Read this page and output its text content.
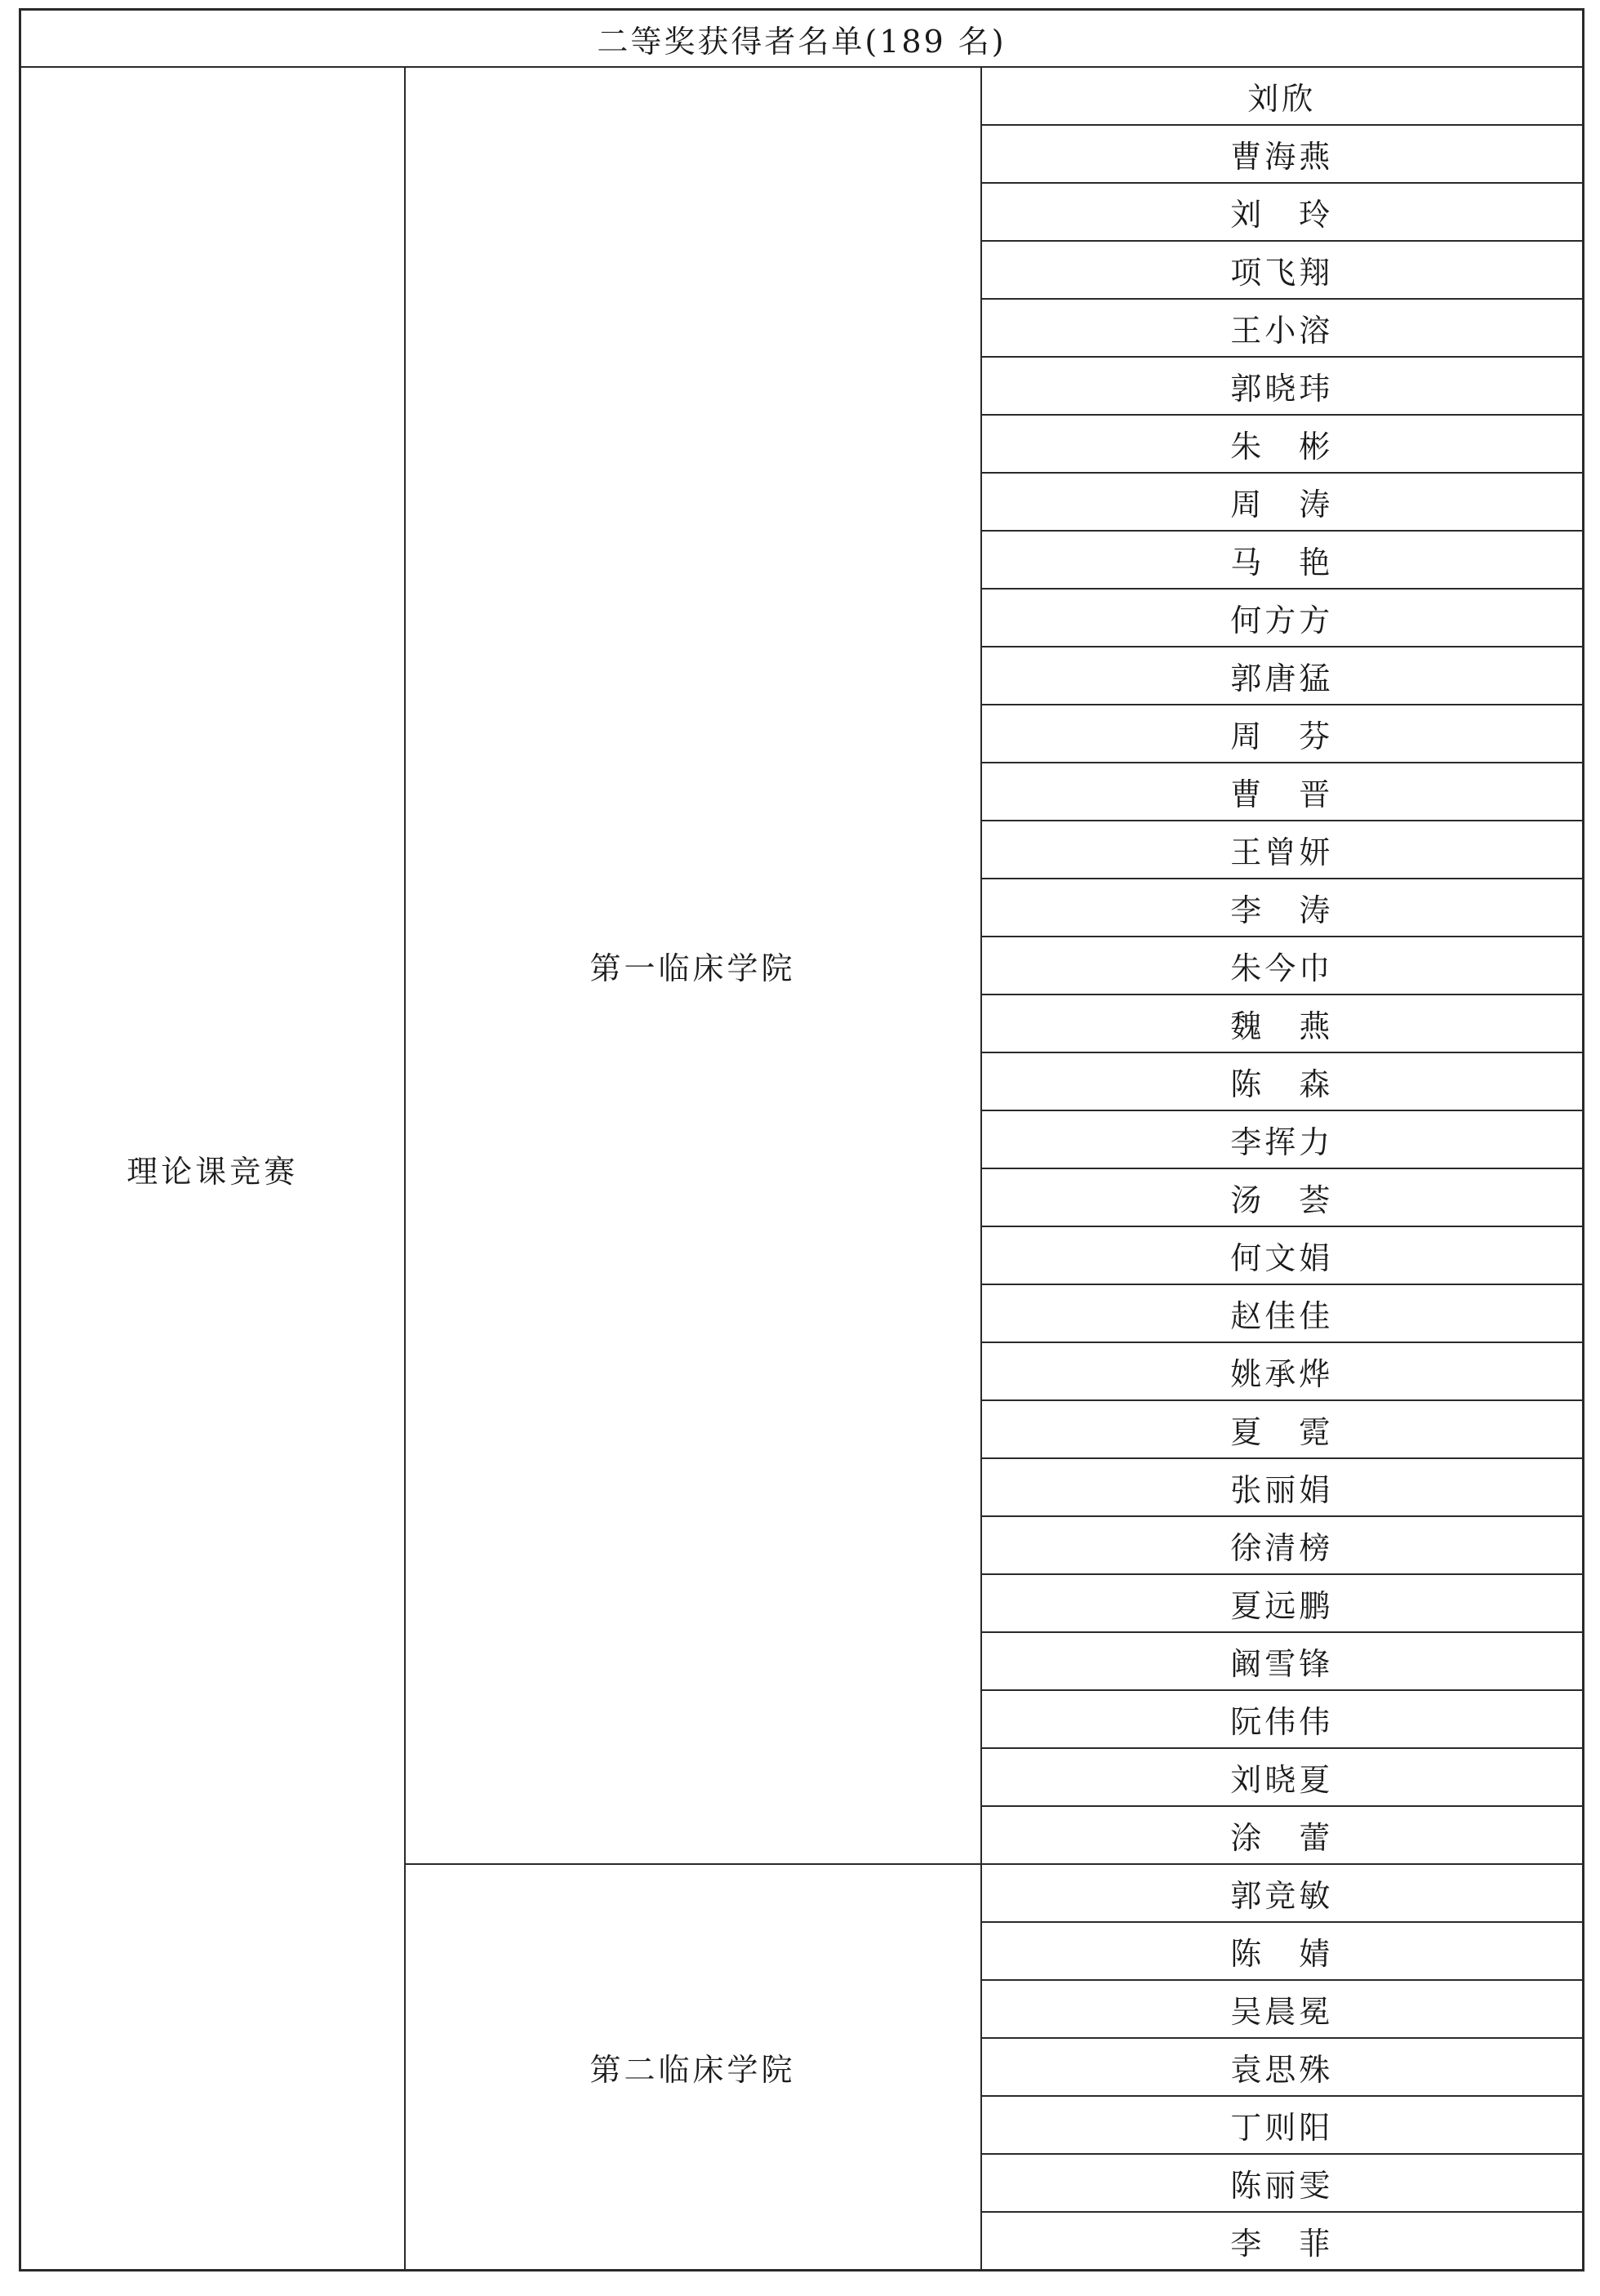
二等奖获得者名单(189 名)		
理论课竞赛	第一临床学院	刘欣
		曹海燕
		刘　玲
		项飞翔
		王小溶
		郭晓玮
		朱　彬
		周　涛
		马　艳
		何方方
		郭唐猛
		周　芬
		曹　晋
		王曾妍
		李　涛
		朱今巾
		魏　燕
		陈　森
		李挥力
		汤　荟
		何文娟
		赵佳佳
		姚承烨
		夏　霓
		张丽娟
		徐清榜
		夏远鹏
		阚雪锋
		阮伟伟
		刘晓夏
		涂　蕾
	第二临床学院	郭竞敏
		陈　婧
		吴晨冕
		袁思殊
		丁则阳
		陈丽雯
		李　菲
